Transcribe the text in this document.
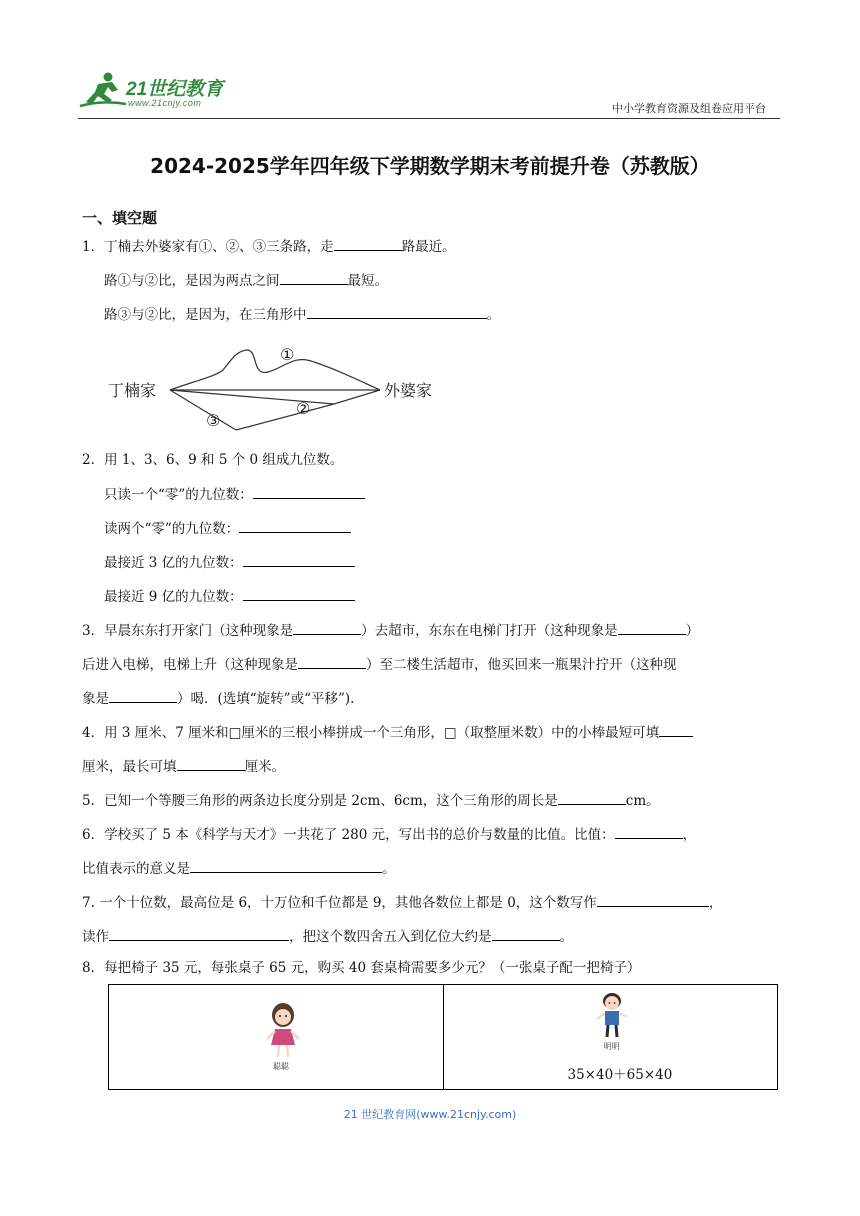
21世纪教育
www.21cnjy.com	中小学教育资源及组卷应用平台
2024-2025学年四年级下学期数学期末考前提升卷（苏教版）
一、填空题
1．丁楠去外婆家有①、②、③三条路，走	路最近。
路①与②比，是因为两点之间	最短。
路③与②比，是因为，在三角形中	。
丁楠家	外婆家
①
②
③
2．用 1、3、6、9 和 5 个 0 组成九位数。
只读一个“零”的九位数：
读两个“零”的九位数：
最接近 3 亿的九位数：
最接近 9 亿的九位数：
3．早晨东东打开家门（这种现象是	）去超市，东东在电梯门打开（这种现象是	）
后进入电梯，电梯上升（这种现象是	）至二楼生活超市，他买回来一瓶果汁拧开（这种现
象是	）喝．(选填“旋转”或“平移”).
4．用 3 厘米、7 厘米和□厘米的三根小棒拼成一个三角形，□（取整厘米数）中的小棒最短可填
厘米，最长可填	厘米。
5．已知一个等腰三角形的两条边长度分别是 2cm、6cm，这个三角形的周长是	cm。
6．学校买了 5 本《科学与天才》一共花了 280 元，写出书的总价与数量的比值。比值：	，
比值表示的意义是	。
7. 一个十位数，最高位是 6，十万位和千位都是 9，其他各数位上都是 0，这个数写作	，
读作	，把这个数四舍五入到亿位大约是	。
8．每把椅子 35 元，每张桌子 65 元，购买 40 套桌椅需要多少元？（一张桌子配一把椅子）
聪聪

明明
35×40＋65×40
21 世纪教育网(www.21cnjy.com)
